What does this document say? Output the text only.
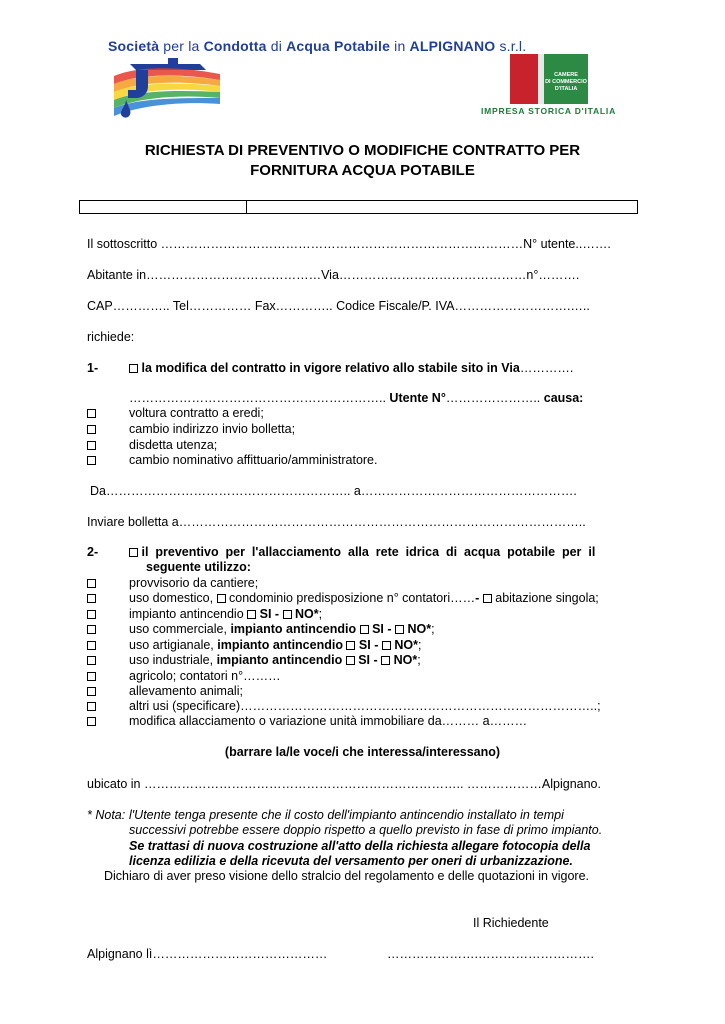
Società per la Condotta di Acqua Potabile in ALPIGNANO s.r.l.
CAMERE
DI COMMERCIO
D'ITALIA
IMPRESA STORICA D'ITALIA
RICHIESTA DI PREVENTIVO O MODIFICHE CONTRATTO PER
FORNITURA ACQUA POTABILE
Il sottoscritto ……………………………………………………………………………N° utente..…….
Abitante in……………………………………Via………………………………………n°……….
CAP………….. Tel…………… Fax………….. Codice Fiscale/P. IVA……………………….…..
richiede:
1-	la modifica del contratto in vigore relativo allo stabile sito in Via………….
…………………………………………………….. Utente N°………………….. causa:
voltura contratto a eredi;
cambio indirizzo invio bolletta;
disdetta utenza;
cambio nominativo affittuario/amministratore.
Da………………………………………………….. a…………………………………………….
Inviare bolletta a……………………………………………………………………………………..
2-	il  preventivo  per  l'allacciamento  alla  rete  idrica  di  acqua  potabile  per  il
seguente utilizzo:
provvisorio da cantiere;
uso domestico,  condominio predisposizione n° contatori……-  abitazione singola;
impianto antincendio  SI -  NO*;
uso commerciale, impianto antincendio  SI -  NO*;
uso artigianale, impianto antincendio  SI -  NO*;
uso industriale, impianto antincendio  SI -  NO*;
agricolo; contatori n°………
allevamento animali;
altri usi (specificare)…………………………………………………………………………..;
modifica allacciamento o variazione unità immobiliare da……… a………
(barrare la/le voce/i che interessa/interessano)
ubicato in ………………………………………………………………….. ………………Alpignano.
* Nota: l'Utente tenga presente che il costo dell'impianto antincendio installato in tempi
successivi potrebbe essere doppio rispetto a quello previsto in fase di primo impianto.
Se trattasi di nuova costruzione all'atto della richiesta allegare fotocopia della
licenza edilizia e della ricevuta del versamento per oneri di urbanizzazione.
Dichiaro di aver preso visione dello stralcio del regolamento e delle quotazioni in vigore.
Il Richiedente
Alpignano lì……………………………………	………………….……………………….
